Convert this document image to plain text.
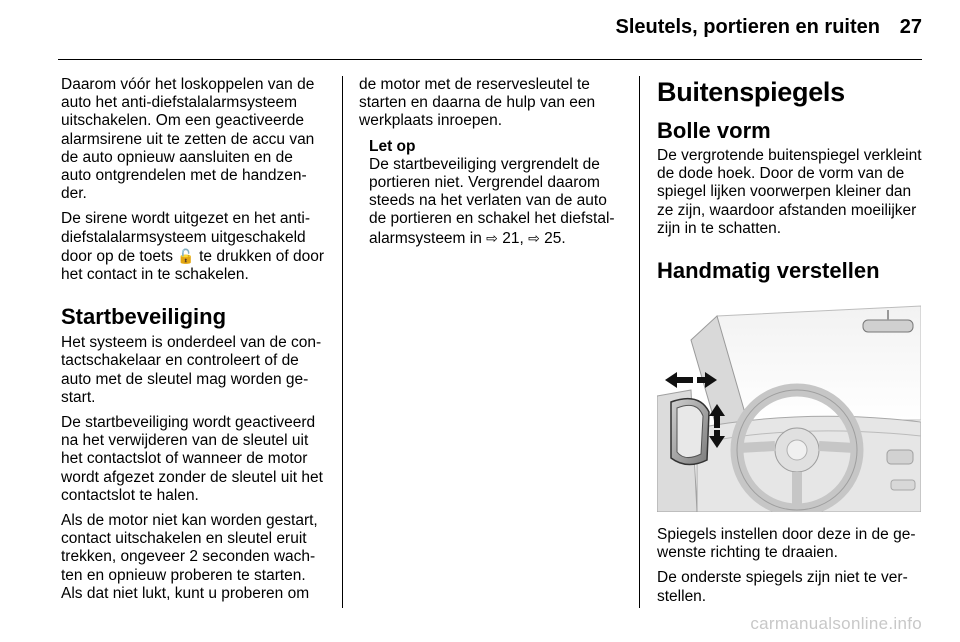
Sleutels, portieren en ruiten 27

Daarom vóór het loskoppelen van de auto het anti-diefstalalarmsysteem uitschakelen. Om een geactiveerde alarmsirene uit te zetten de accu van de auto opnieuw aansluiten en de auto ontgrendelen met de handzender.

De sirene wordt uitgezet en het anti-diefstalalarmsysteem uitgeschakeld door op de toets 🔓 te drukken of door het contact in te schakelen.

Startbeveiliging

Het systeem is onderdeel van de contactschakelaar en controleert of de auto met de sleutel mag worden gestart.

De startbeveiliging wordt geactiveerd na het verwijderen van de sleutel uit het contactslot of wanneer de motor wordt afgezet zonder de sleutel uit het contactslot te halen.

Als de motor niet kan worden gestart, contact uitschakelen en sleutel eruit trekken, ongeveer 2 seconden wachten en opnieuw proberen te starten. Als dat niet lukt, kunt u proberen om

de motor met de reservesleutel te starten en daarna de hulp van een werkplaats inroepen.

Let op
De startbeveiliging vergrendelt de portieren niet. Vergrendel daarom steeds na het verlaten van de auto de portieren en schakel het diefstalalarmsysteem in ⇨ 21, ⇨ 25.
Buitenspiegels
Bolle vorm

De vergrotende buitenspiegel verkleint de dode hoek. Door de vorm van de spiegel lijken voorwerpen kleiner dan ze zijn, waardoor afstanden moeilijker zijn in te schatten.

Handmatig verstellen

Spiegels instellen door deze in de gewenste richting te draaien.

De onderste spiegels zijn niet te verstellen.

carmanualsonline.info
